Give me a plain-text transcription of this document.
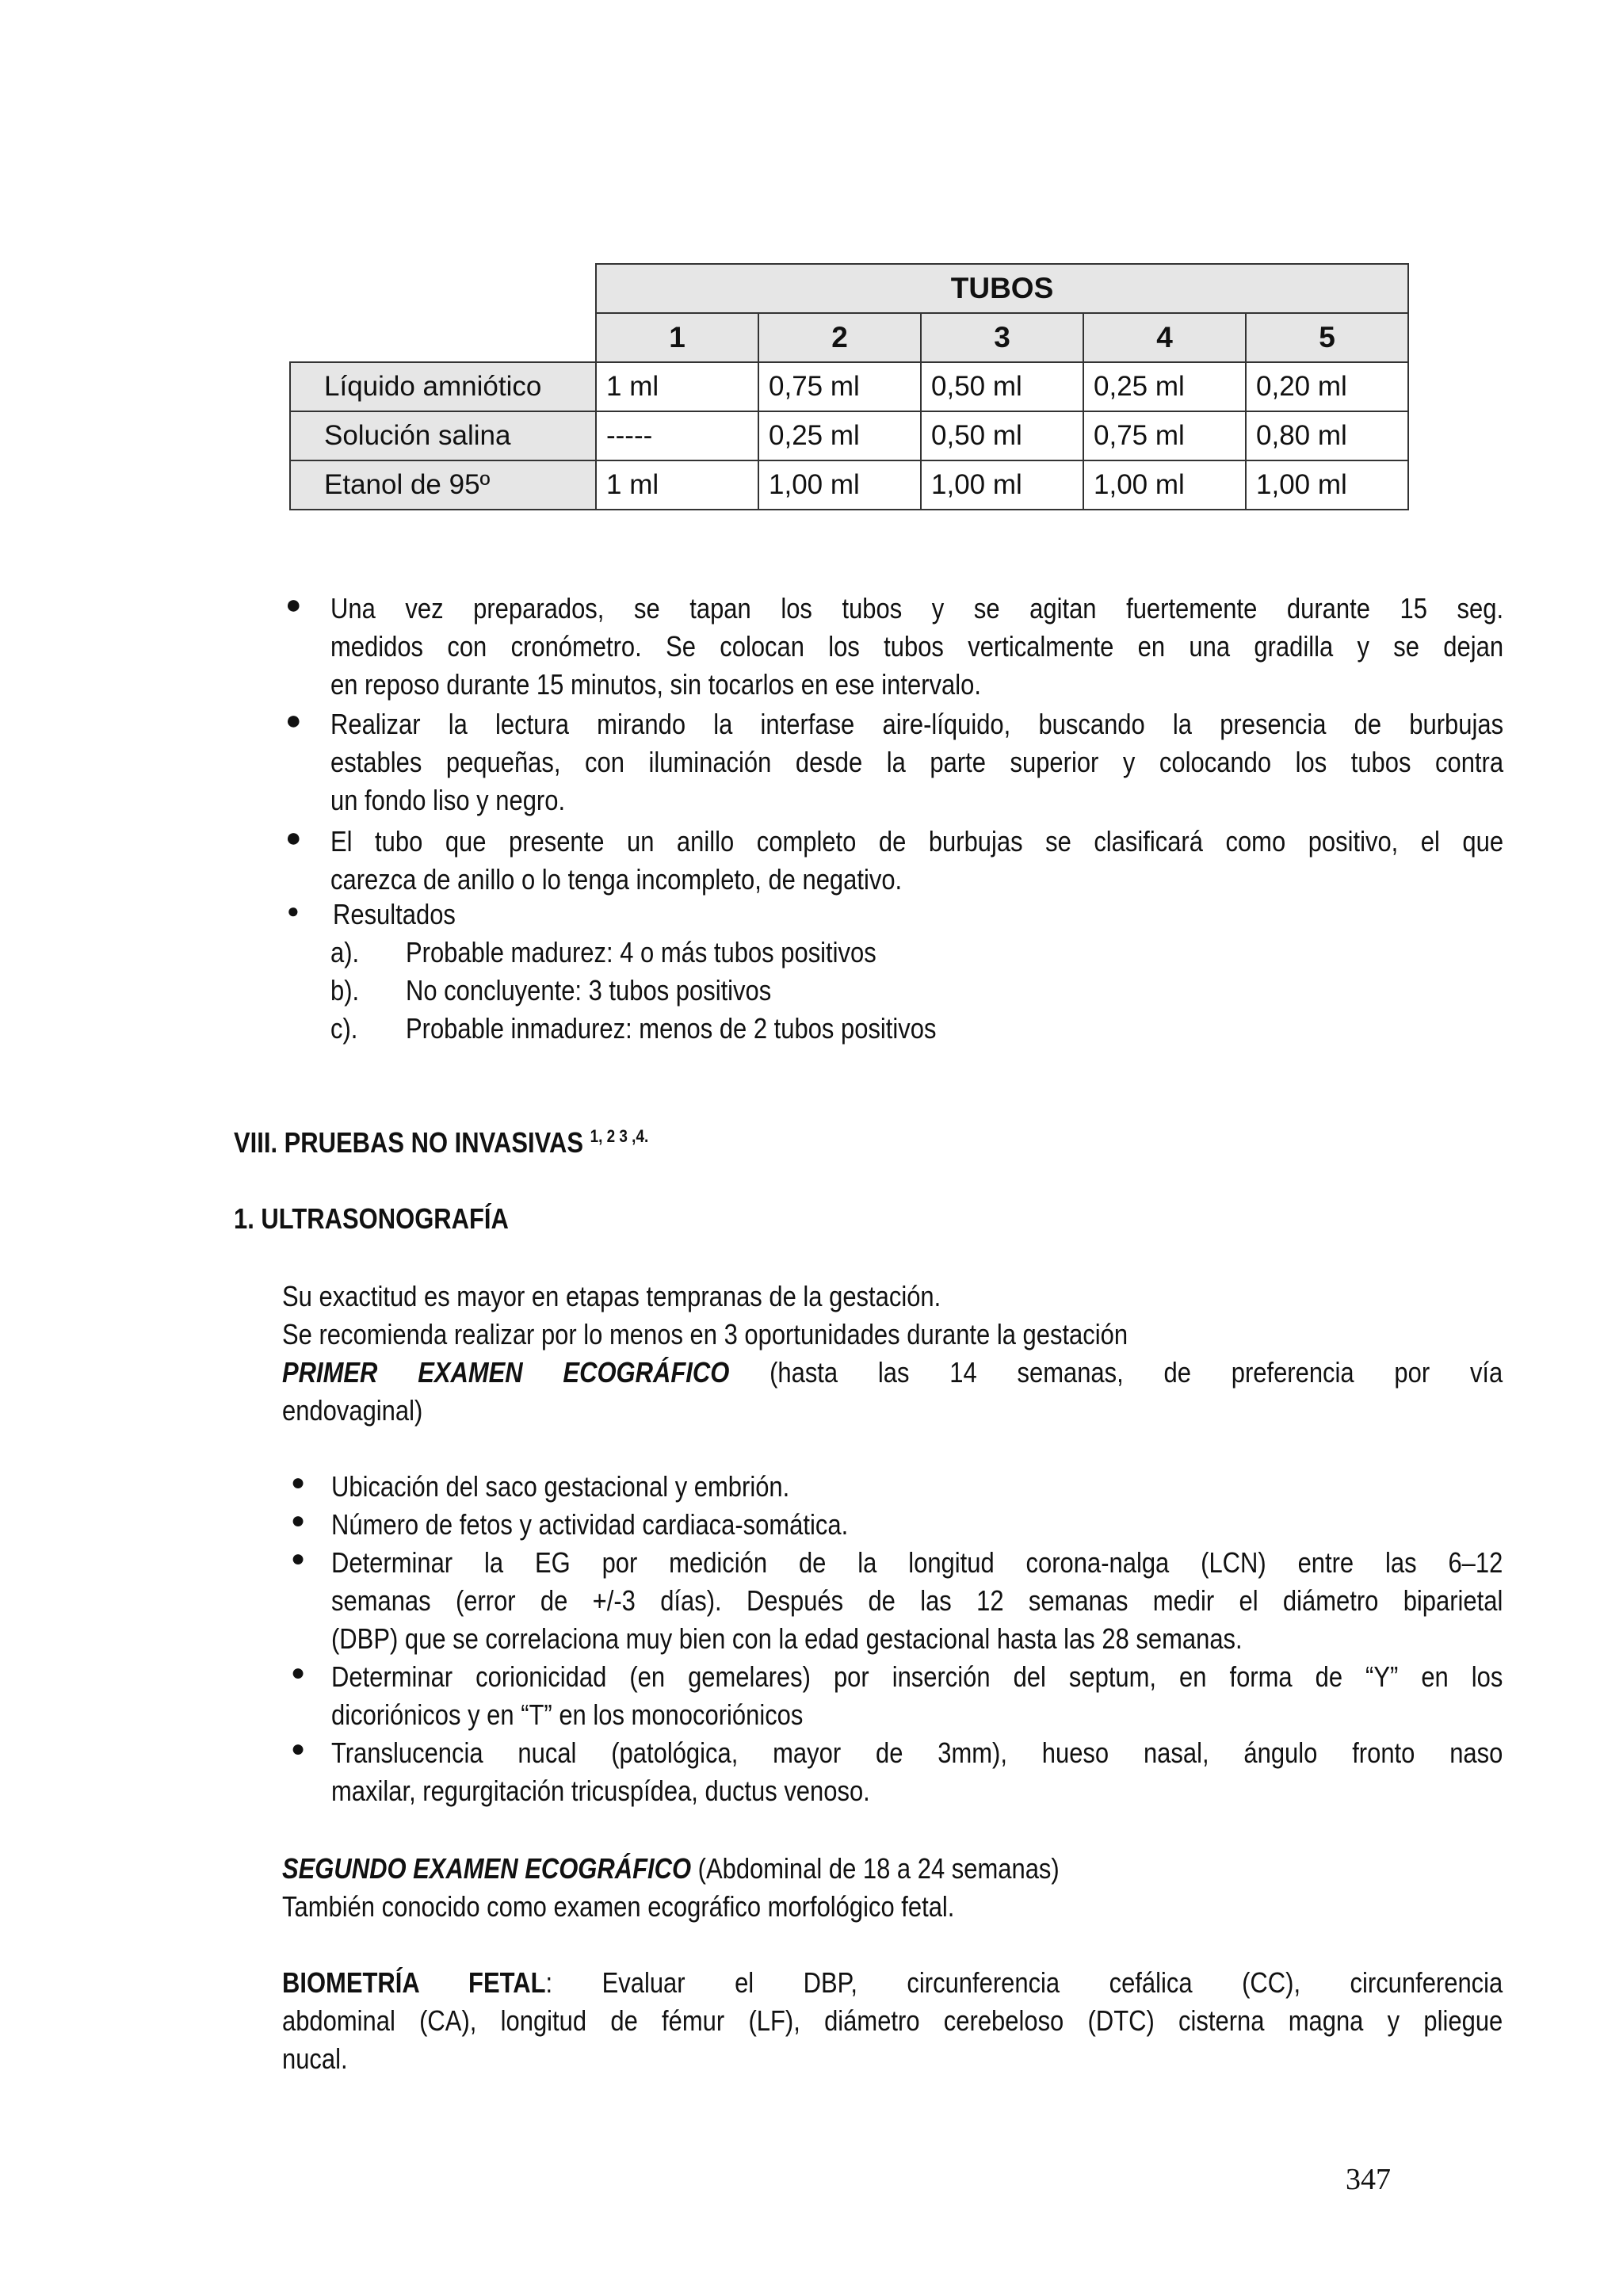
	TUBOS				
	1	2	3	4	5
Líquido amniótico	1 ml	0,75 ml	0,50 ml	0,25 ml	0,20 ml
Solución salina	-----	0,25 ml	0,50 ml	0,75 ml	0,80 ml
Etanol de 95º	1 ml	1,00 ml	1,00 ml	1,00 ml	1,00 ml
● Una vez preparados, se tapan los tubos y se agitan fuertemente durante 15 seg.
medidos con cronómetro. Se colocan los tubos verticalmente en una gradilla y se dejan
en reposo durante 15 minutos, sin tocarlos en ese intervalo.
● Realizar la lectura mirando la interfase aire-líquido, buscando la presencia de burbujas
estables pequeñas, con iluminación desde la parte superior y colocando los tubos contra
un fondo liso y negro.
● El tubo que presente un anillo completo de burbujas se clasificará como positivo, el que
carezca de anillo o lo tenga incompleto, de negativo.
● Resultados
a). Probable madurez: 4 o más tubos positivos
b). No concluyente: 3 tubos positivos
c). Probable inmadurez: menos de 2 tubos positivos
VIII. PRUEBAS NO INVASIVAS $^{1, 2 3 ,4.}$
1. ULTRASONOGRAFÍA
Su exactitud es mayor en etapas tempranas de la gestación.
Se recomienda realizar por lo menos en 3 oportunidades durante la gestación
PRIMER EXAMEN ECOGRÁFICO (hasta las 14 semanas, de preferencia por vía
endovaginal)
● Ubicación del saco gestacional y embrión.
● Número de fetos y actividad cardiaca-somática.
● Determinar la EG por medición de la longitud corona-nalga (LCN) entre las 6–12
semanas (error de +/-3 días). Después de las 12 semanas medir el diámetro biparietal
(DBP) que se correlaciona muy bien con la edad gestacional hasta las 28 semanas.
● Determinar corionicidad (en gemelares) por inserción del septum, en forma de “Y” en los
dicoriónicos y en “T” en los monocoriónicos
● Translucencia nucal (patológica, mayor de 3mm), hueso nasal, ángulo fronto naso
maxilar, regurgitación tricuspídea, ductus venoso.
SEGUNDO EXAMEN ECOGRÁFICO (Abdominal de 18 a 24 semanas)
También conocido como examen ecográfico morfológico fetal.
BIOMETRÍA FETAL: Evaluar el DBP, circunferencia cefálica (CC), circunferencia
abdominal (CA), longitud de fémur (LF), diámetro cerebeloso (DTC) cisterna magna y pliegue
nucal.
347
